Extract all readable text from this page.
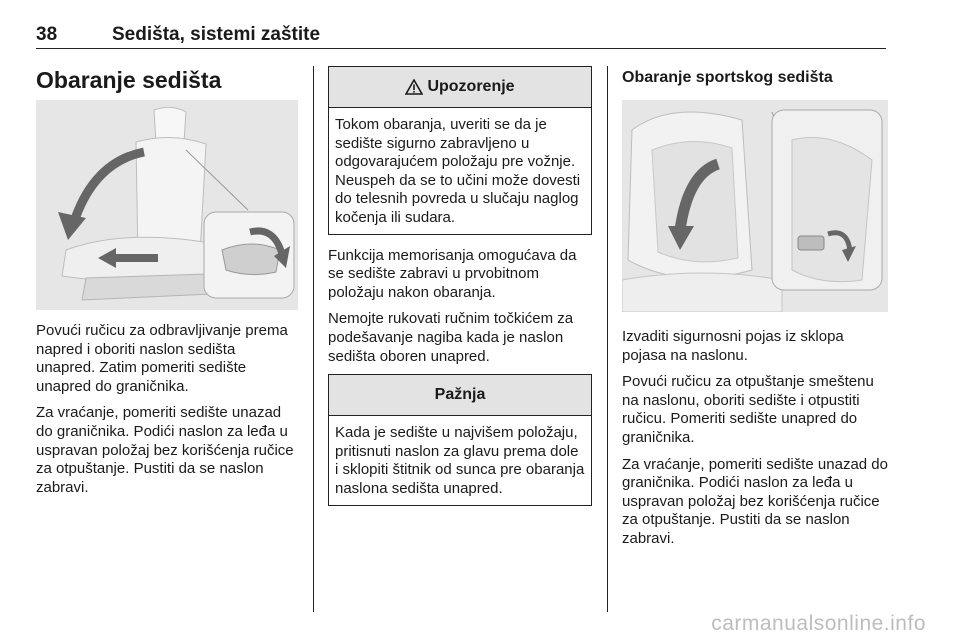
38	Sedišta, sistemi zaštite
Obaranje sedišta

Povući ručicu za odbravljivanje prema napred i oboriti naslon sedišta unapred. Zatim pomeriti sedište unapred do graničnika.

Za vraćanje, pomeriti sedište unazad do graničnika. Podići naslon za leđa u uspravan položaj bez korišćenja ručice za otpuštanje. Pustiti da se naslon zabravi.

Upozorenje

Tokom obaranja, uveriti se da je sedište sigurno zabravljeno u odgovarajućem položaju pre vožnje. Neuspeh da se to učini može dovesti do telesnih povreda u slučaju naglog kočenja ili sudara.

Funkcija memorisanja omogućava da se sedište zabravi u prvobitnom položaju nakon obaranja.

Nemojte rukovati ručnim točkićem za podešavanje nagiba kada je naslon sedišta oboren unapred.

Pažnja

Kada je sedište u najvišem položaju, pritisnuti naslon za glavu prema dole i sklopiti štitnik od sunca pre obaranja naslona sedišta unapred.

Obaranje sportskog sedišta

Izvaditi sigurnosni pojas iz sklopa pojasa na naslonu.

Povući ručicu za otpuštanje smeštenu na naslonu, oboriti sedište i otpustiti ručicu. Pomeriti sedište unapred do graničnika.

Za vraćanje, pomeriti sedište unazad do graničnika. Podići naslon za leđa u uspravan položaj bez korišćenja ručice za otpuštanje. Pustiti da se naslon zabravi.

carmanualsonline.info
